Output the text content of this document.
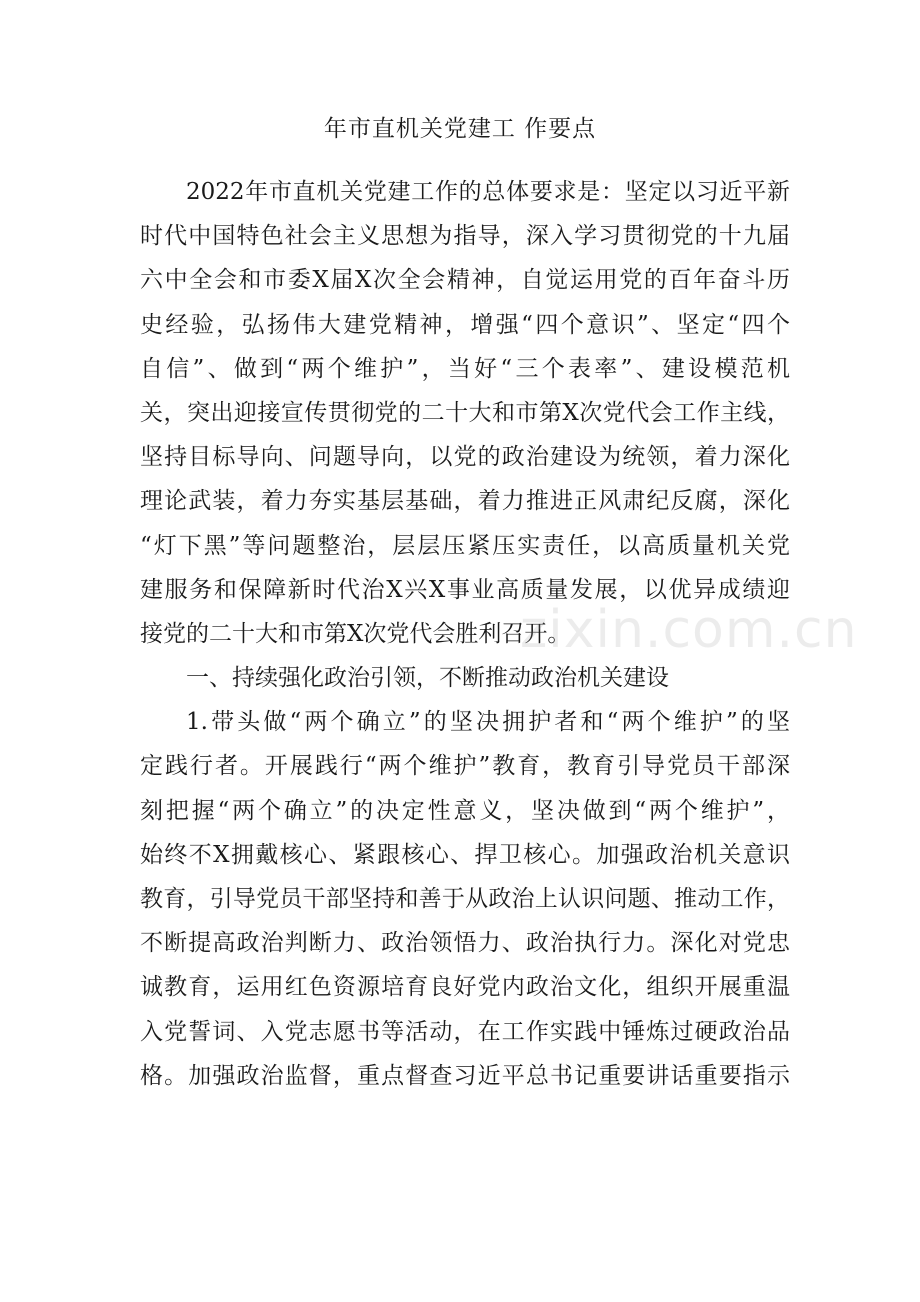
年市直机关党建工 作要点
2022年市直机关党建工作的总体要求是：坚定以习近平新
时代中国特色社会主义思想为指导，深入学习贯彻党的十九届
六中全会和市委X届X次全会精神，自觉运用党的百年奋斗历
史经验，弘扬伟大建党精神，增强“四个意识”、坚定“四个
自信”、做到“两个维护”，当好“三个表率”、建设模范机
关，突出迎接宣传贯彻党的二十大和市第X次党代会工作主线，
坚持目标导向、问题导向，以党的政治建设为统领，着力深化
理论武装，着力夯实基层基础，着力推进正风肃纪反腐，深化
“灯下黑”等问题整治，层层压紧压实责任，以高质量机关党
建服务和保障新时代治X兴X事业高质量发展，以优异成绩迎
接党的二十大和市第X次党代会胜利召开。
一、持续强化政治引领，不断推动政治机关建设
1.带头做“两个确立”的坚决拥护者和“两个维护”的坚
定践行者。开展践行“两个维护”教育，教育引导党员干部深
刻把握“两个确立”的决定性意义，坚决做到“两个维护”，
始终不X拥戴核心、紧跟核心、捍卫核心。加强政治机关意识
教育，引导党员干部坚持和善于从政治上认识问题、推动工作，
不断提高政治判断力、政治领悟力、政治执行力。深化对党忠
诚教育，运用红色资源培育良好党内政治文化，组织开展重温
入党誓词、入党志愿书等活动，在工作实践中锤炼过硬政治品
格。加强政治监督，重点督查习近平总书记重要讲话重要指示
zixin.com.cn
